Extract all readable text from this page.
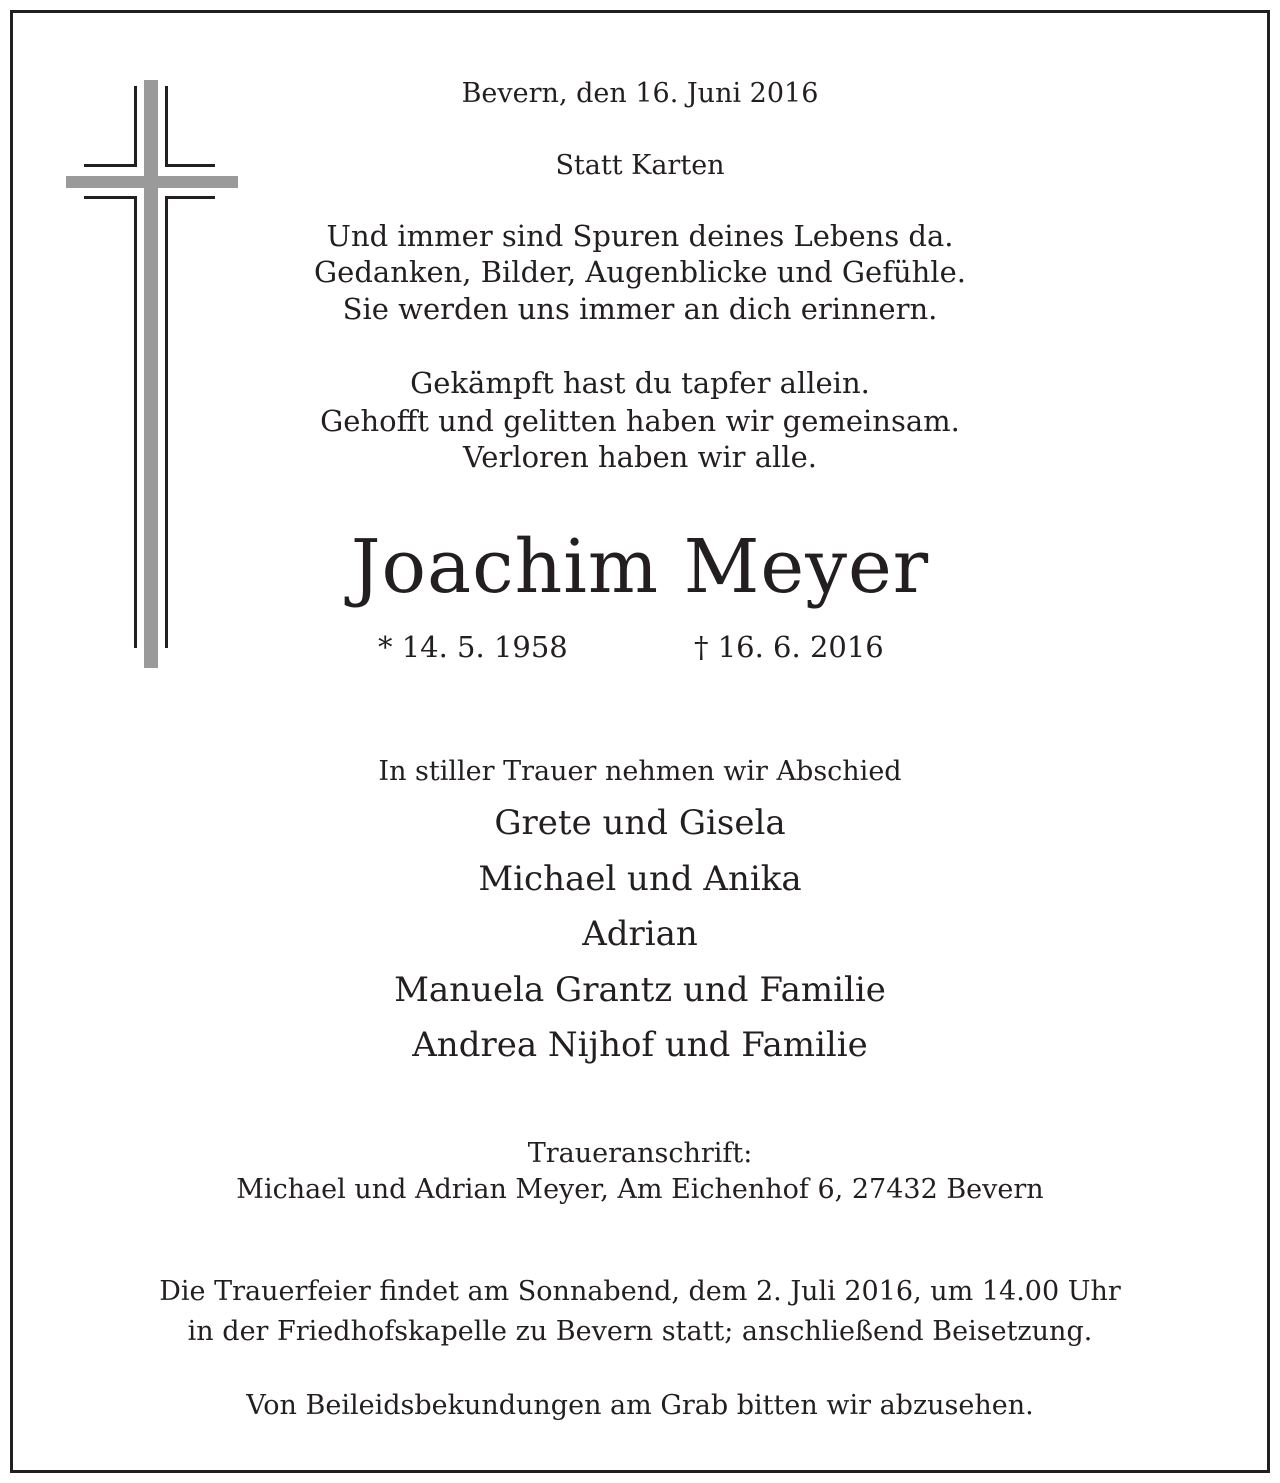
Bevern, den 16. Juni 2016
Statt Karten
Und immer sind Spuren deines Lebens da.
Gedanken, Bilder, Augenblicke und Gefühle.
Sie werden uns immer an dich erinnern.
Gekämpft hast du tapfer allein.
Gehofft und gelitten haben wir gemeinsam.
Verloren haben wir alle.
Joachim Meyer
* 14. 5. 1958	† 16. 6. 2016
In stiller Trauer nehmen wir Abschied
Grete und Gisela
Michael und Anika
Adrian
Manuela Grantz und Familie
Andrea Nijhof und Familie
Traueranschrift:
Michael und Adrian Meyer, Am Eichenhof 6, 27432 Bevern
Die Trauerfeier findet am Sonnabend, dem 2. Juli 2016, um 14.00 Uhr
in der Friedhofskapelle zu Bevern statt; anschließend Beisetzung.
Von Beileidsbekundungen am Grab bitten wir abzusehen.
